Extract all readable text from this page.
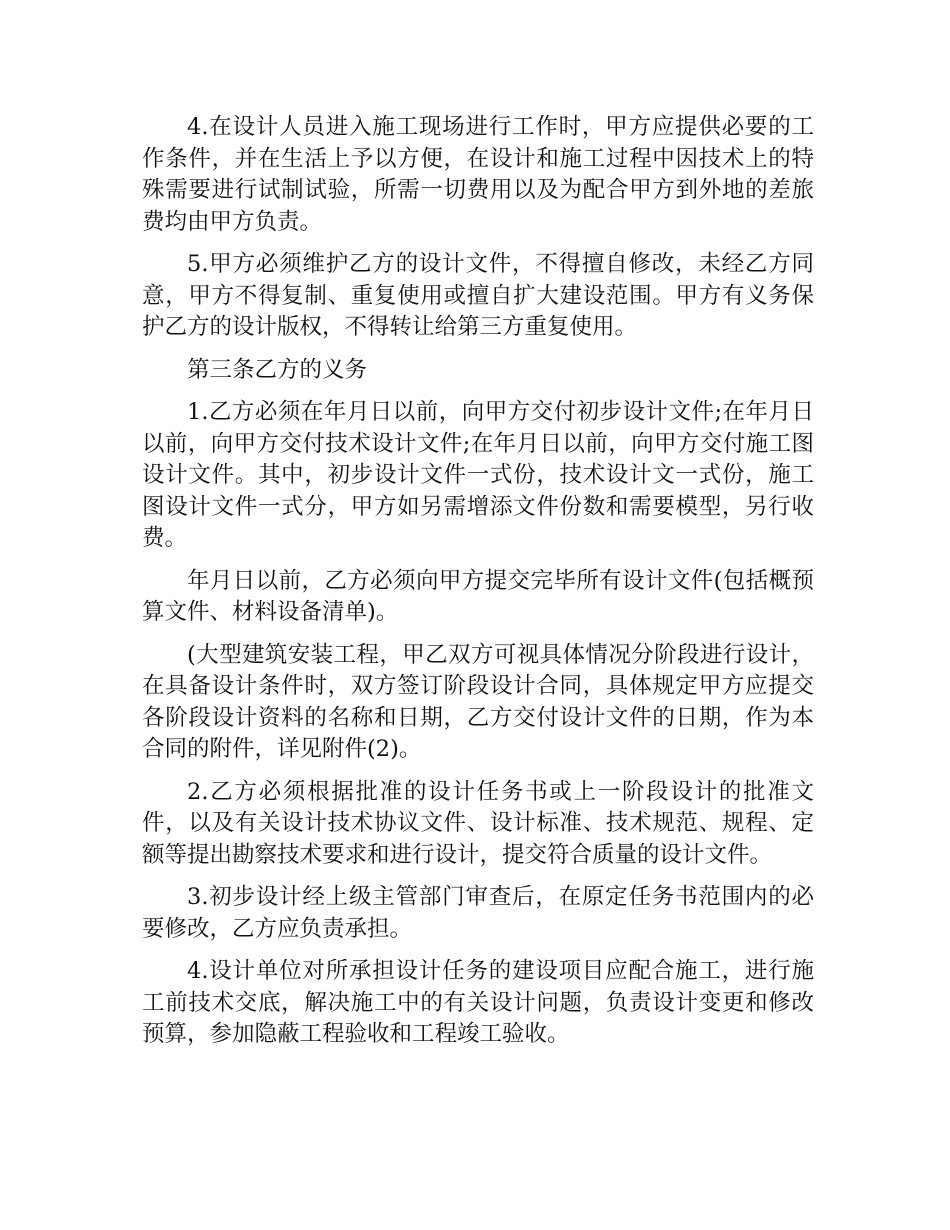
4.在设计人员进入施工现场进行工作时，甲方应提供必要的工作条件，并在生活上予以方便，在设计和施工过程中因技术上的特殊需要进行试制试验，所需一切费用以及为配合甲方到外地的差旅费均由甲方负责。

5.甲方必须维护乙方的设计文件，不得擅自修改，未经乙方同意，甲方不得复制、重复使用或擅自扩大建设范围。甲方有义务保护乙方的设计版权，不得转让给第三方重复使用。

第三条乙方的义务

1.乙方必须在年月日以前，向甲方交付初步设计文件;在年月日以前，向甲方交付技术设计文件;在年月日以前，向甲方交付施工图设计文件。其中，初步设计文件一式份，技术设计文一式份，施工图设计文件一式分，甲方如另需增添文件份数和需要模型，另行收费。

年月日以前，乙方必须向甲方提交完毕所有设计文件(包括概预算文件、材料设备清单)。

(大型建筑安装工程，甲乙双方可视具体情况分阶段进行设计，在具备设计条件时，双方签订阶段设计合同，具体规定甲方应提交各阶段设计资料的名称和日期，乙方交付设计文件的日期，作为本合同的附件，详见附件(2)。

2.乙方必须根据批准的设计任务书或上一阶段设计的批准文件，以及有关设计技术协议文件、设计标准、技术规范、规程、定额等提出勘察技术要求和进行设计，提交符合质量的设计文件。

3.初步设计经上级主管部门审查后，在原定任务书范围内的必要修改，乙方应负责承担。

4.设计单位对所承担设计任务的建设项目应配合施工，进行施工前技术交底，解决施工中的有关设计问题，负责设计变更和修改预算，参加隐蔽工程验收和工程竣工验收。
